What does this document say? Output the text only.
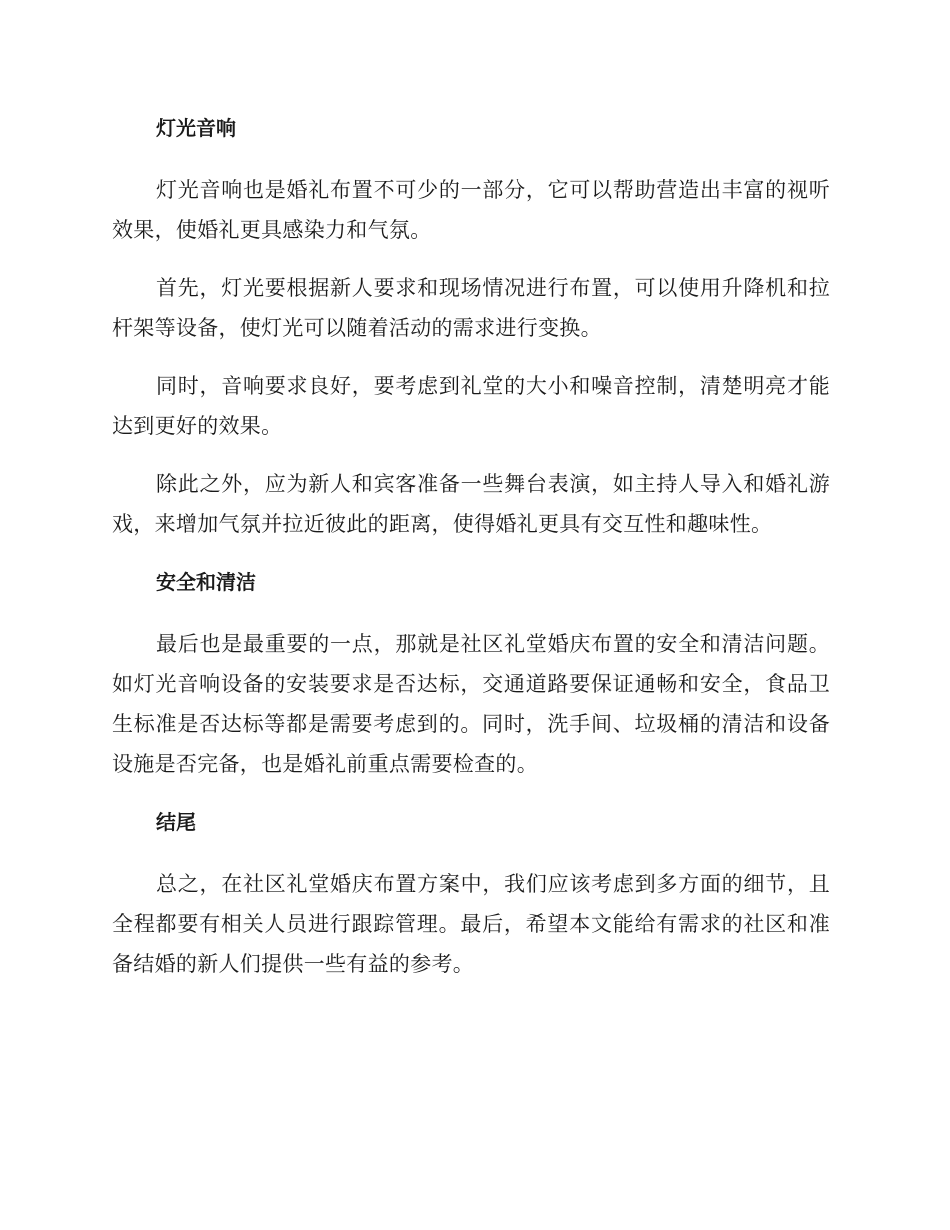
灯光音响

灯光音响也是婚礼布置不可少的一部分，它可以帮助营造出丰富的视听效果，使婚礼更具感染力和气氛。

首先，灯光要根据新人要求和现场情况进行布置，可以使用升降机和拉杆架等设备，使灯光可以随着活动的需求进行变换。

同时，音响要求良好，要考虑到礼堂的大小和噪音控制，清楚明亮才能达到更好的效果。

除此之外，应为新人和宾客准备一些舞台表演，如主持人导入和婚礼游戏，来增加气氛并拉近彼此的距离，使得婚礼更具有交互性和趣味性。

安全和清洁

最后也是最重要的一点，那就是社区礼堂婚庆布置的安全和清洁问题。如灯光音响设备的安装要求是否达标，交通道路要保证通畅和安全，食品卫生标准是否达标等都是需要考虑到的。同时，洗手间、垃圾桶的清洁和设备设施是否完备，也是婚礼前重点需要检查的。

结尾

总之，在社区礼堂婚庆布置方案中，我们应该考虑到多方面的细节，且全程都要有相关人员进行跟踪管理。最后，希望本文能给有需求的社区和准备结婚的新人们提供一些有益的参考。
